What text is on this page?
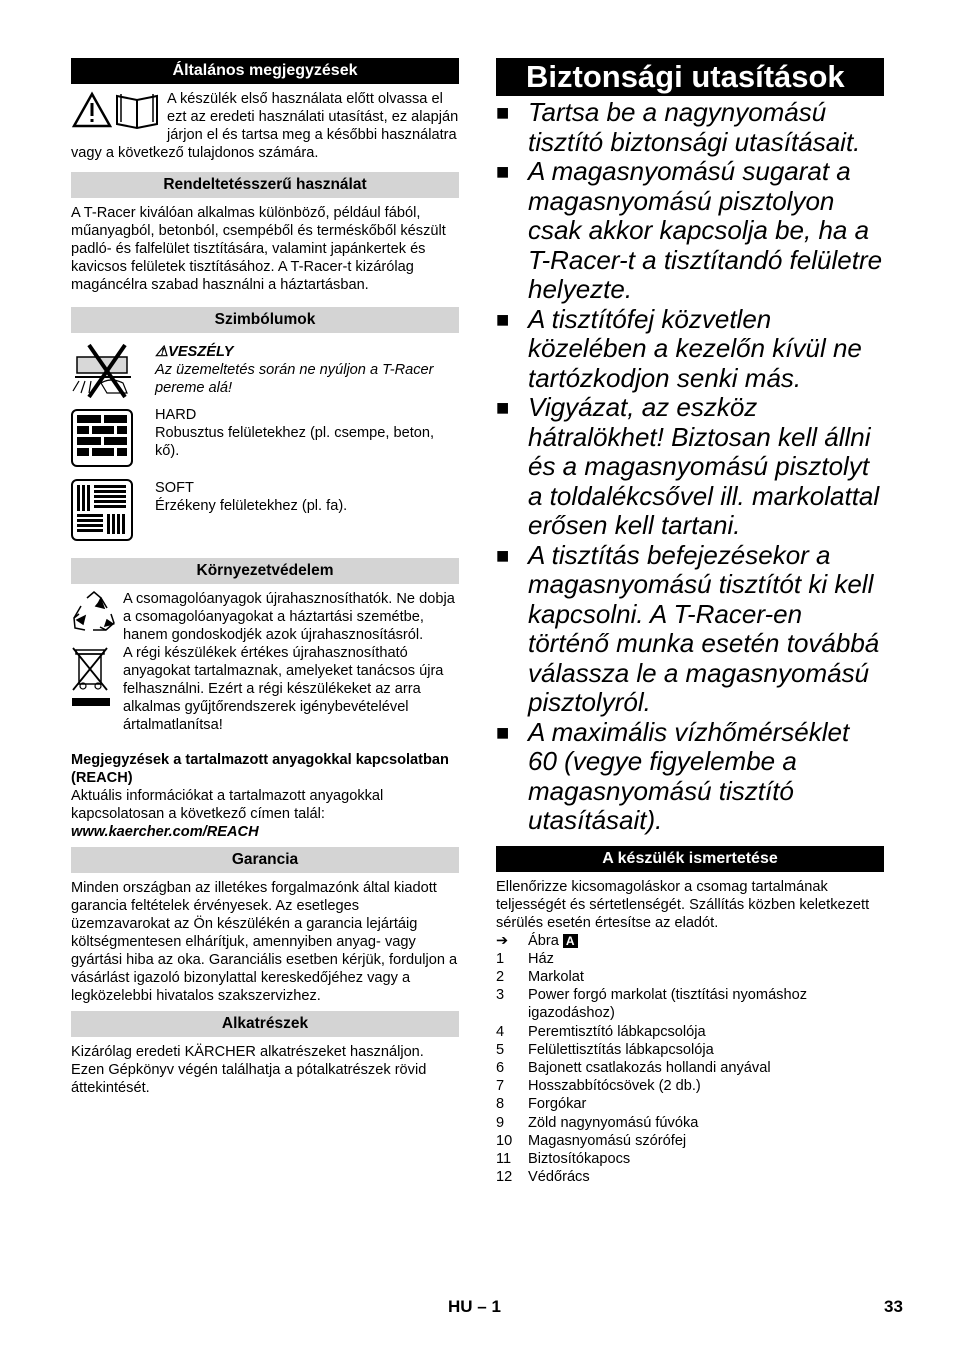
Általános megjegyzések
A készülék első használata előtt olvassa el ezt az eredeti használati utasítást, ez alapján járjon el és tartsa meg a későbbi használatra vagy a következő tulajdonos számára.
Rendeltetésszerű használat
A T-Racer kiválóan alkalmas különböző, például fából, műanyagból, betonból, csempéből és terméskőből készült padló- és falfelület tisztítására, valamint japánkertek és kavicsos felületek tisztításához. A T-Racer-t kizárólag magáncélra szabad használni a háztartásban.
Szimbólumok
⚠VESZÉLY
Az üzemeltetés során ne nyúljon a T-Racer pereme alá!
HARD
Robusztus felületekhez (pl. csempe, beton, kő).
SOFT
Érzékeny felületekhez (pl. fa).
Környezetvédelem
A csomagolóanyagok újrahasznosíthatók. Ne dobja a csomagolóanyagokat a háztartási szemétbe, hanem gondoskodjék azok újrahasznosításról.
A régi készülékek értékes újrahasznosítható anyagokat tartalmaznak, amelyeket tanácsos újra felhasználni. Ezért a régi készülékeket az arra alkalmas gyűjtőrendszerek igénybevételével ártalmatlanítsa!
Megjegyzések a tartalmazott anyagokkal kapcsolatban (REACH)
Aktuális információkat a tartalmazott anyagokkal kapcsolatosan a következő címen talál:
www.kaercher.com/REACH
Garancia
Minden országban az illetékes forgalmazónk által kiadott garancia feltételek érvényesek. Az esetleges üzemzavarokat az Ön készülékén a garancia lejártáig költségmentesen elhárítjuk, amennyiben anyag- vagy gyártási hiba az oka. Garanciális esetben kérjük, forduljon a vásárlást igazoló bizonylattal kereskedőjéhez vagy a legközelebbi hivatalos szakszervizhez.
Alkatrészek
Kizárólag eredeti KÄRCHER alkatrészeket használjon. Ezen Gépkönyv végén találhatja a pótalkatrészek rövid áttekintését.
Biztonsági utasítások
■ Tartsa be a nagynyomású tisztító biztonsági utasításait.
■ A magasnyomású sugarat a magasnyomású pisztolyon csak akkor kapcsolja be, ha a T-Racer-t a tisztítandó felületre helyezte.
■ A tisztítófej közvetlen közelében a kezelőn kívül ne tartózkodjon senki más.
■ Vigyázat, az eszköz hátralökhet! Biztosan kell állni és a magasnyomású pisztolyt a toldalékcsővel ill. markolattal erősen kell tartani.
■ A tisztítás befejezésekor a magasnyomású tisztítót ki kell kapcsolni. A T-Racer-en történő munka esetén továbbá válassza le a magasnyomású pisztolyról.
■ A maximális vízhőmérséklet 60 (vegye figyelembe a magasnyomású tisztító utasításait).
A készülék ismertetése
Ellenőrizze kicsomagoláskor a csomag tartalmának teljességét és sértetlenségét. Szállítás közben keletkezett sérülés esetén értesítse az eladót.
➔	Ábra A
1	Ház
2	Markolat
3	Power forgó markolat (tisztítási nyomáshoz igazodáshoz)
4	Peremtisztító lábkapcsolója
5	Felülettisztítás lábkapcsolója
6	Bajonett csatlakozás hollandi anyával
7	Hosszabbítócsövek (2 db.)
8	Forgókar
9	Zöld nagynyomású fúvóka
10	Magasnyomású szórófej
11	Biztosítókapocs
12	Védőrács
HU – 1	33
